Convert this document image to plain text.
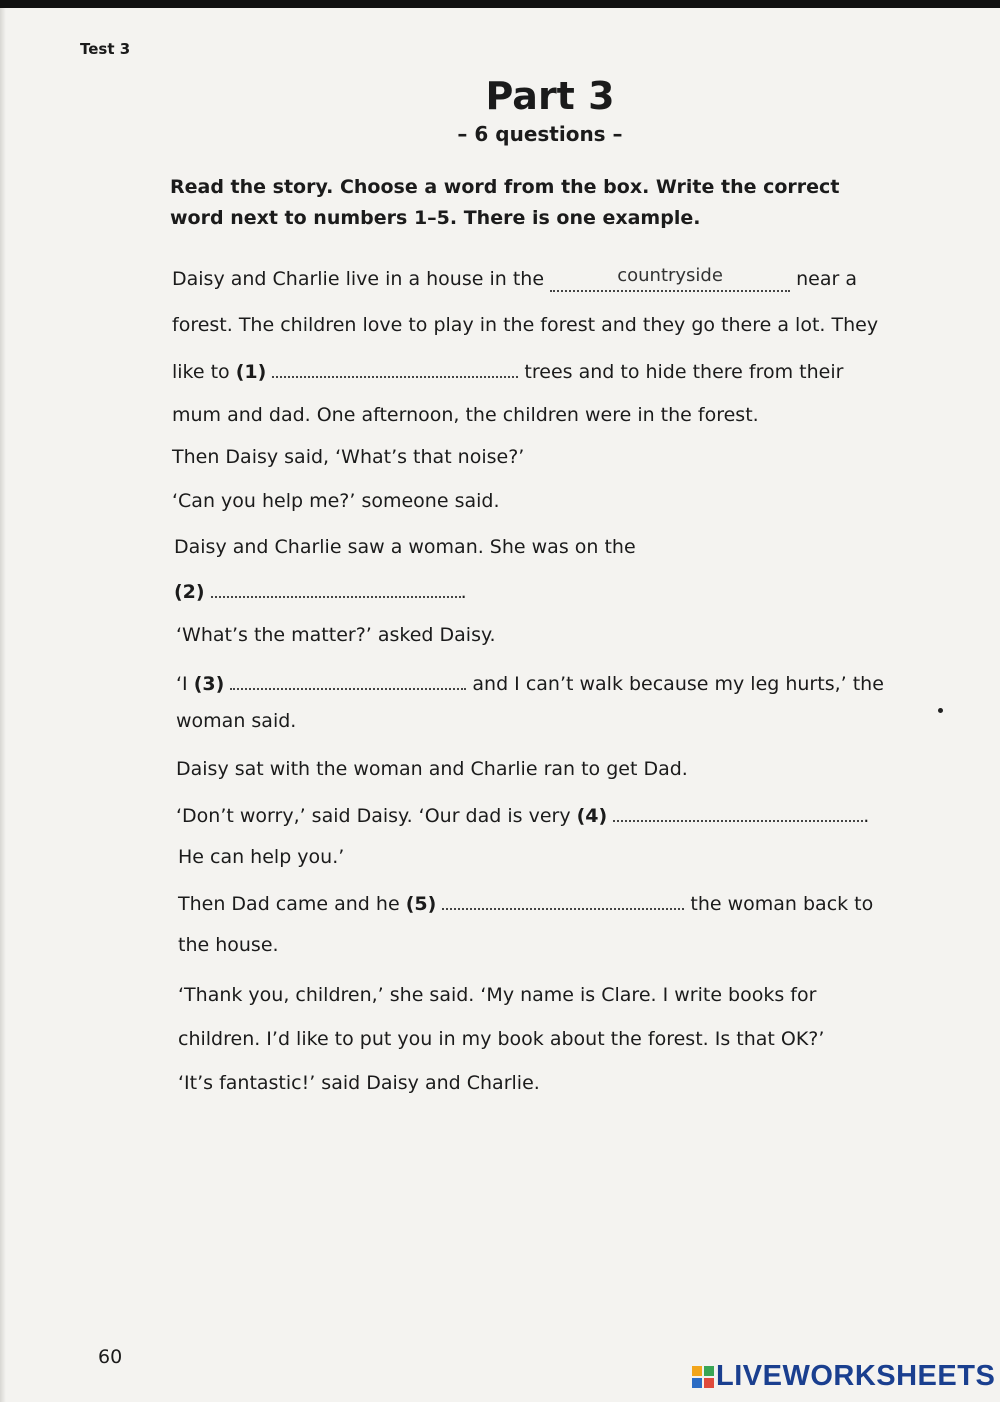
Test 3
Part 3
– 6 questions –
Read the story. Choose a word from the box. Write the correct word next to numbers 1–5. There is one example.
Daisy and Charlie live in a house in the	countryside	near a
forest. The children love to play in the forest and they go there a lot. They
like to (1)	trees and to hide there from their
mum and dad. One afternoon, the children were in the forest.
Then Daisy said, ‘What’s that noise?’
‘Can you help me?’ someone said.
Daisy and Charlie saw a woman. She was on the
(2)	.
‘What’s the matter?’ asked Daisy.
‘I (3)	and I can’t walk because my leg hurts,’ the
woman said.
Daisy sat with the woman and Charlie ran to get Dad.
‘Don’t worry,’ said Daisy. ‘Our dad is very (4)	.
He can help you.’
Then Dad came and he (5)	the woman back to
the house.
‘Thank you, children,’ she said. ‘My name is Clare. I write books for
children. I’d like to put you in my book about the forest. Is that OK?’
‘It’s fantastic!’ said Daisy and Charlie.
60
LIVEWORKSHEETS
